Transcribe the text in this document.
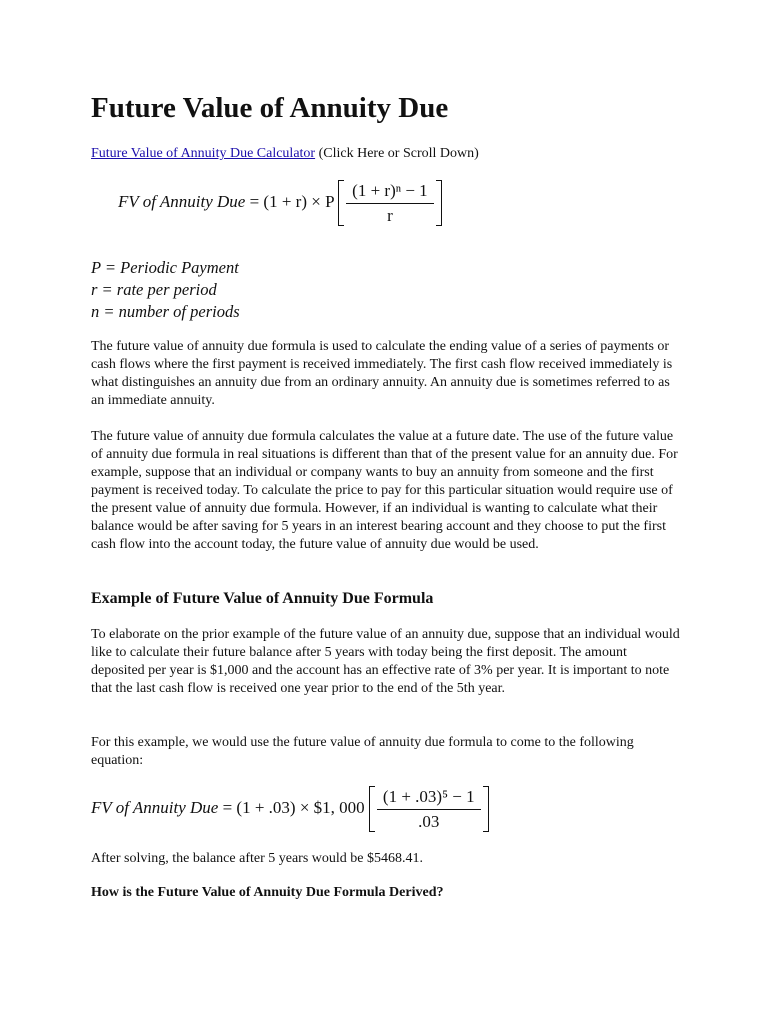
Future Value of Annuity Due
Future Value of Annuity Due Calculator (Click Here or Scroll Down)
FV of Annuity Due = (1 + r) × P $\frac{\text{(1 + r)ⁿ − 1}}{r}$
P = Periodic Payment
r = rate per period
n = number of periods

The future value of annuity due formula is used to calculate the ending value of a series of payments or cash flows where the first payment is received immediately. The first cash flow received immediately is what distinguishes an annuity due from an ordinary annuity. An annuity due is sometimes referred to as an immediate annuity.

The future value of annuity due formula calculates the value at a future date. The use of the future value of annuity due formula in real situations is different than that of the present value for an annuity due. For example, suppose that an individual or company wants to buy an annuity from someone and the first payment is received today. To calculate the price to pay for this particular situation would require use of the present value of annuity due formula. However, if an individual is wanting to calculate what their balance would be after saving for 5 years in an interest bearing account and they choose to put the first cash flow into the account today, the future value of annuity due would be used.

Example of Future Value of Annuity Due Formula

To elaborate on the prior example of the future value of an annuity due, suppose that an individual would like to calculate their future balance after 5 years with today being the first deposit. The amount deposited per year is $1,000 and the account has an effective rate of 3% per year. It is important to note that the last cash flow is received one year prior to the end of the 5th year.

For this example, we would use the future value of annuity due formula to come to the following equation:

FV of Annuity Due = (1 + .03) × $1, $000 \frac{\text{(1 + .03)⁵ − 1}}{.03}$

After solving, the balance after 5 years would be $5468.41.

How is the Future Value of Annuity Due Formula Derived?
